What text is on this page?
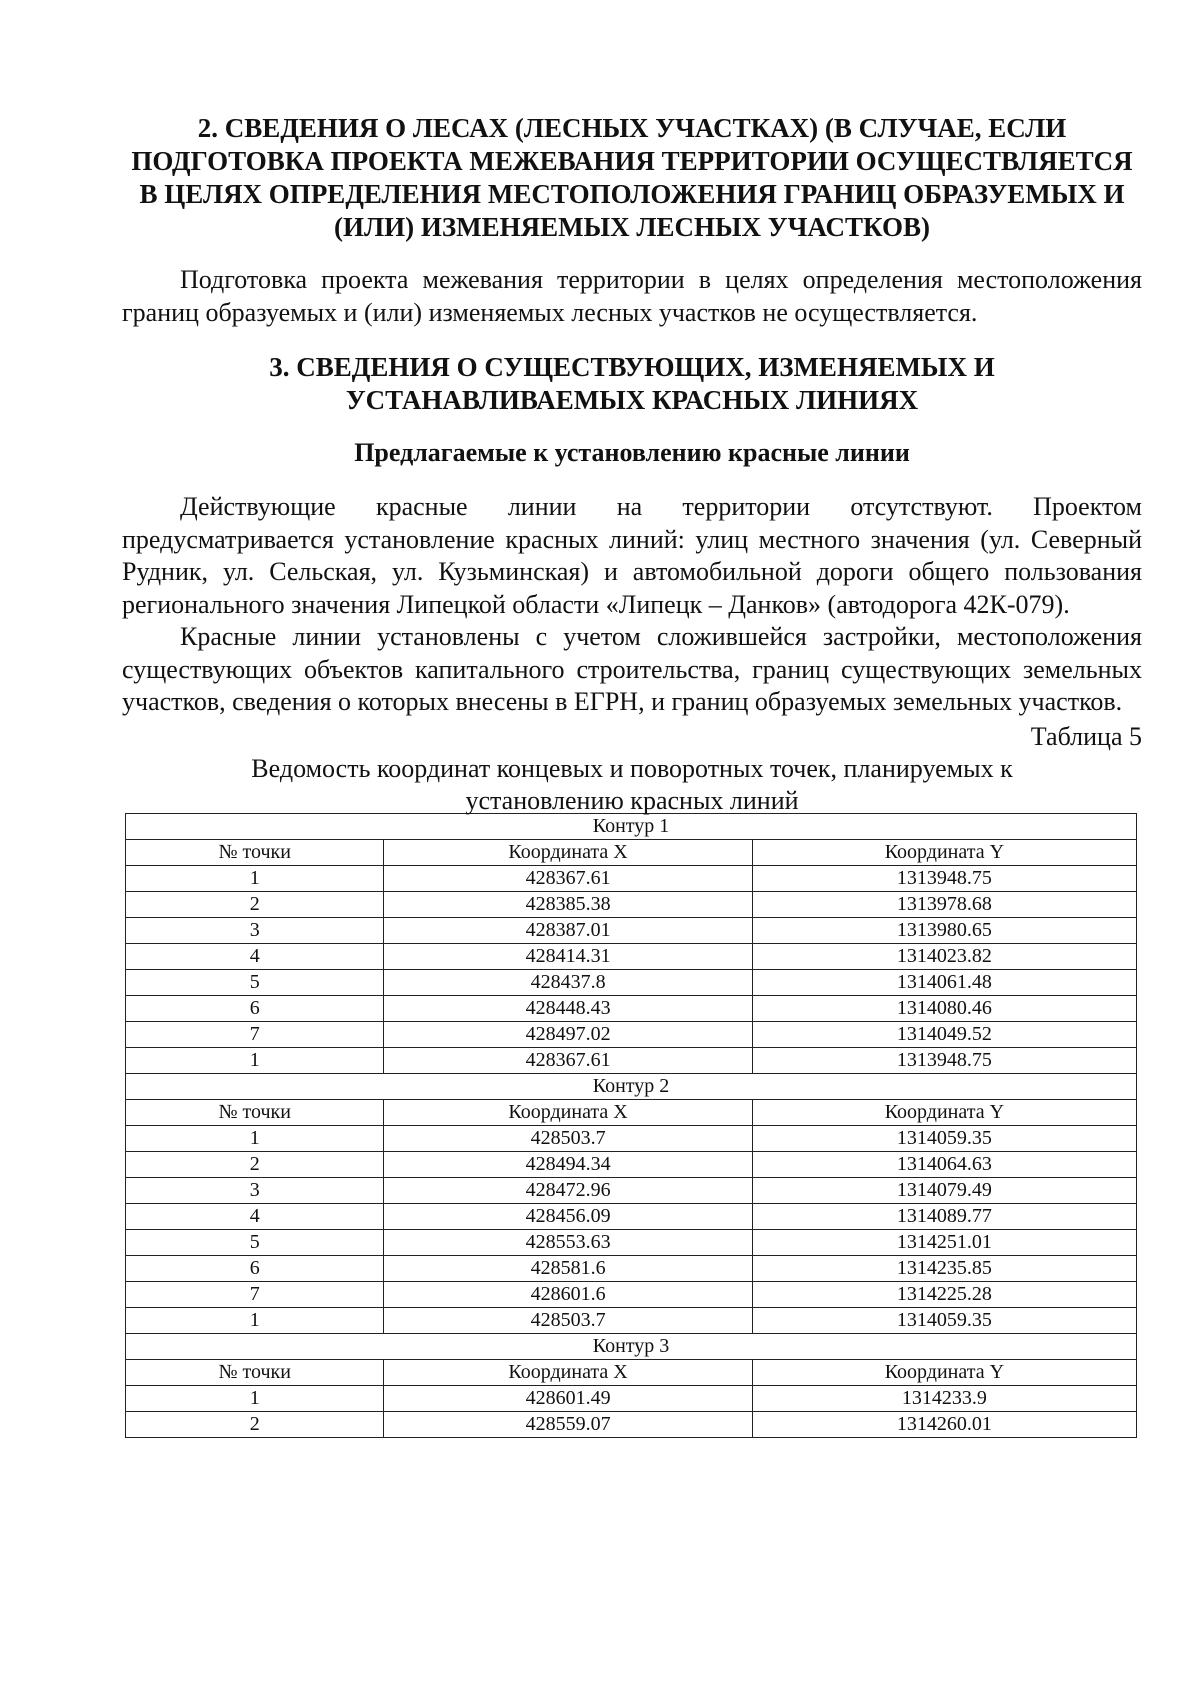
2. СВЕДЕНИЯ О ЛЕСАХ (ЛЕСНЫХ УЧАСТКАХ) (В СЛУЧАЕ, ЕСЛИ ПОДГОТОВКА ПРОЕКТА МЕЖЕВАНИЯ ТЕРРИТОРИИ ОСУЩЕСТВЛЯЕТСЯ В ЦЕЛЯХ ОПРЕДЕЛЕНИЯ МЕСТОПОЛОЖЕНИЯ ГРАНИЦ ОБРАЗУЕМЫХ И (ИЛИ) ИЗМЕНЯЕМЫХ ЛЕСНЫХ УЧАСТКОВ)

Подготовка проекта межевания территории в целях определения местоположения границ образуемых и (или) изменяемых лесных участков не осуществляется.

3. СВЕДЕНИЯ О СУЩЕСТВУЮЩИХ, ИЗМЕНЯЕМЫХ И УСТАНАВЛИВАЕМЫХ КРАСНЫХ ЛИНИЯХ
Предлагаемые к установлению красные линии

Действующие красные линии на территории отсутствуют. Проектом предусматривается установление красных линий: улиц местного значения (ул. Северный Рудник, ул. Сельская, ул. Кузьминская) и автомобильной дороги общего пользования регионального значения Липецкой области «Липецк – Данков» (автодорога 42К-079).

Красные линии установлены с учетом сложившейся застройки, местоположения существующих объектов капитального строительства, границ существующих земельных участков, сведения о которых внесены в ЕГРН, и границ образуемых земельных участков.

Таблица 5
Ведомость координат концевых и поворотных точек, планируемых к установлению красных линий
Контур 1		
№ точки	Координата X	Координата Y
1	428367.61	1313948.75
2	428385.38	1313978.68
3	428387.01	1313980.65
4	428414.31	1314023.82
5	428437.8	1314061.48
6	428448.43	1314080.46
7	428497.02	1314049.52
1	428367.61	1313948.75
Контур 2		
№ точки	Координата X	Координата Y
1	428503.7	1314059.35
2	428494.34	1314064.63
3	428472.96	1314079.49
4	428456.09	1314089.77
5	428553.63	1314251.01
6	428581.6	1314235.85
7	428601.6	1314225.28
1	428503.7	1314059.35
Контур 3		
№ точки	Координата X	Координата Y
1	428601.49	1314233.9
2	428559.07	1314260.01
